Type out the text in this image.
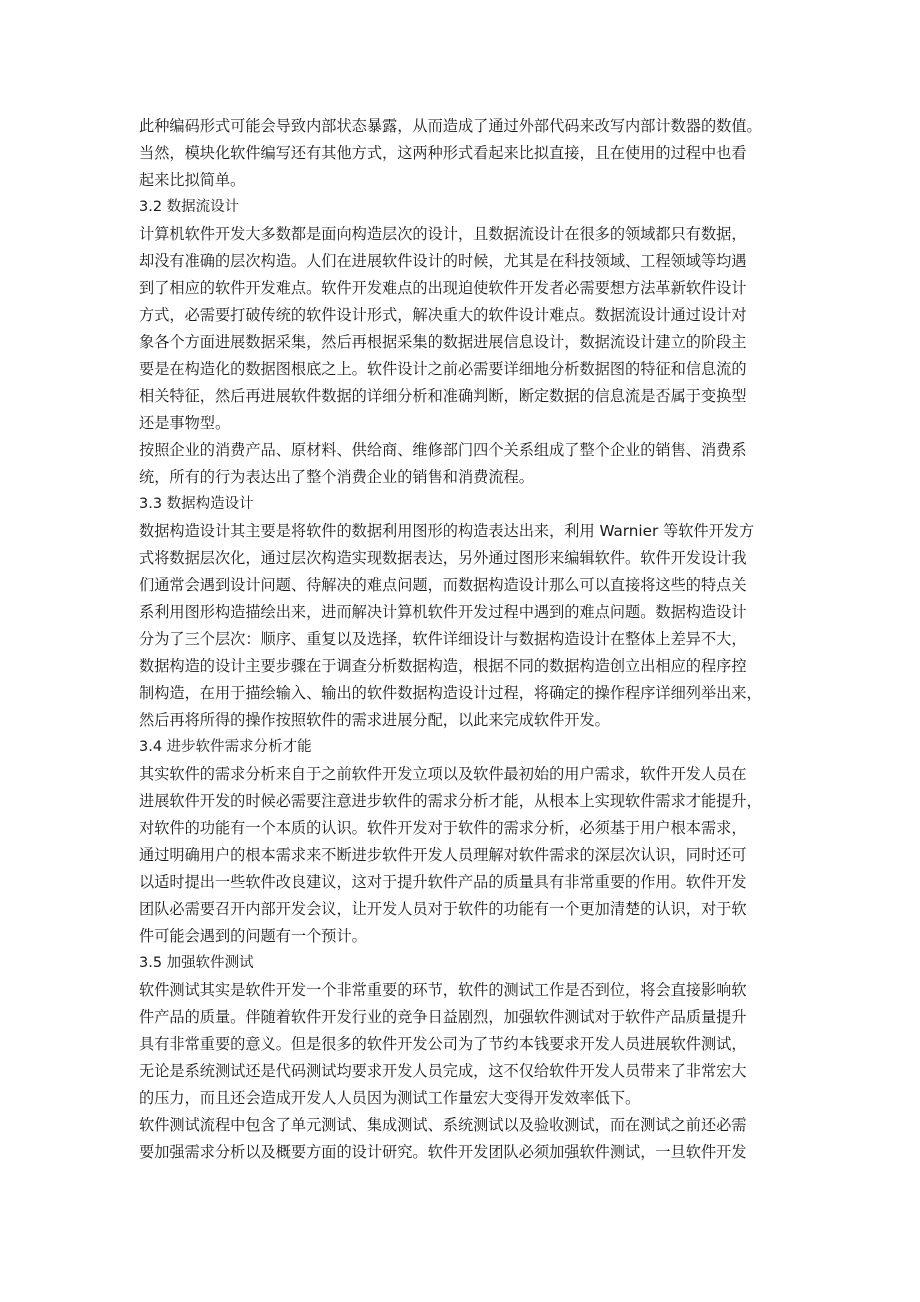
此种编码形式可能会导致内部状态暴露，从而造成了通过外部代码来改写内部计数器的数值。
当然，模块化软件编写还有其他方式，这两种形式看起来比拟直接，且在使用的过程中也看
起来比拟简单。
3.2 数据流设计
计算机软件开发大多数都是面向构造层次的设计，且数据流设计在很多的领域都只有数据，
却没有准确的层次构造。人们在进展软件设计的时候，尤其是在科技领域、工程领域等均遇
到了相应的软件开发难点。软件开发难点的出现迫使软件开发者必需要想方法革新软件设计
方式，必需要打破传统的软件设计形式，解决重大的软件设计难点。数据流设计通过设计对
象各个方面进展数据采集，然后再根据采集的数据进展信息设计，数据流设计建立的阶段主
要是在构造化的数据图根底之上。软件设计之前必需要详细地分析数据图的特征和信息流的
相关特征，然后再进展软件数据的详细分析和准确判断，断定数据的信息流是否属于变换型
还是事物型。
按照企业的消费产品、原材料、供给商、维修部门四个关系组成了整个企业的销售、消费系
统，所有的行为表达出了整个消费企业的销售和消费流程。
3.3 数据构造设计
数据构造设计其主要是将软件的数据利用图形的构造表达出来，利用 Warnier 等软件开发方
式将数据层次化，通过层次构造实现数据表达，另外通过图形来编辑软件。软件开发设计我
们通常会遇到设计问题、待解决的难点问题，而数据构造设计那么可以直接将这些的特点关
系利用图形构造描绘出来，进而解决计算机软件开发过程中遇到的难点问题。数据构造设计
分为了三个层次：顺序、重复以及选择，软件详细设计与数据构造设计在整体上差异不大，
数据构造的设计主要步骤在于调查分析数据构造，根据不同的数据构造创立出相应的程序控
制构造，在用于描绘输入、输出的软件数据构造设计过程，将确定的操作程序详细列举出来，
然后再将所得的操作按照软件的需求进展分配，以此来完成软件开发。
3.4 进步软件需求分析才能
其实软件的需求分析来自于之前软件开发立项以及软件最初始的用户需求，软件开发人员在
进展软件开发的时候必需要注意进步软件的需求分析才能，从根本上实现软件需求才能提升，
对软件的功能有一个本质的认识。软件开发对于软件的需求分析，必须基于用户根本需求，
通过明确用户的根本需求来不断进步软件开发人员理解对软件需求的深层次认识，同时还可
以适时提出一些软件改良建议，这对于提升软件产品的质量具有非常重要的作用。软件开发
团队必需要召开内部开发会议，让开发人员对于软件的功能有一个更加清楚的认识，对于软
件可能会遇到的问题有一个预计。
3.5 加强软件测试
软件测试其实是软件开发一个非常重要的环节，软件的测试工作是否到位，将会直接影响软
件产品的质量。伴随着软件开发行业的竞争日益剧烈，加强软件测试对于软件产品质量提升
具有非常重要的意义。但是很多的软件开发公司为了节约本钱要求开发人员进展软件测试，
无论是系统测试还是代码测试均要求开发人员完成，这不仅给软件开发人员带来了非常宏大
的压力，而且还会造成开发人人员因为测试工作量宏大变得开发效率低下。
软件测试流程中包含了单元测试、集成测试、系统测试以及验收测试，而在测试之前还必需
要加强需求分析以及概要方面的设计研究。软件开发团队必须加强软件测试，一旦软件开发
